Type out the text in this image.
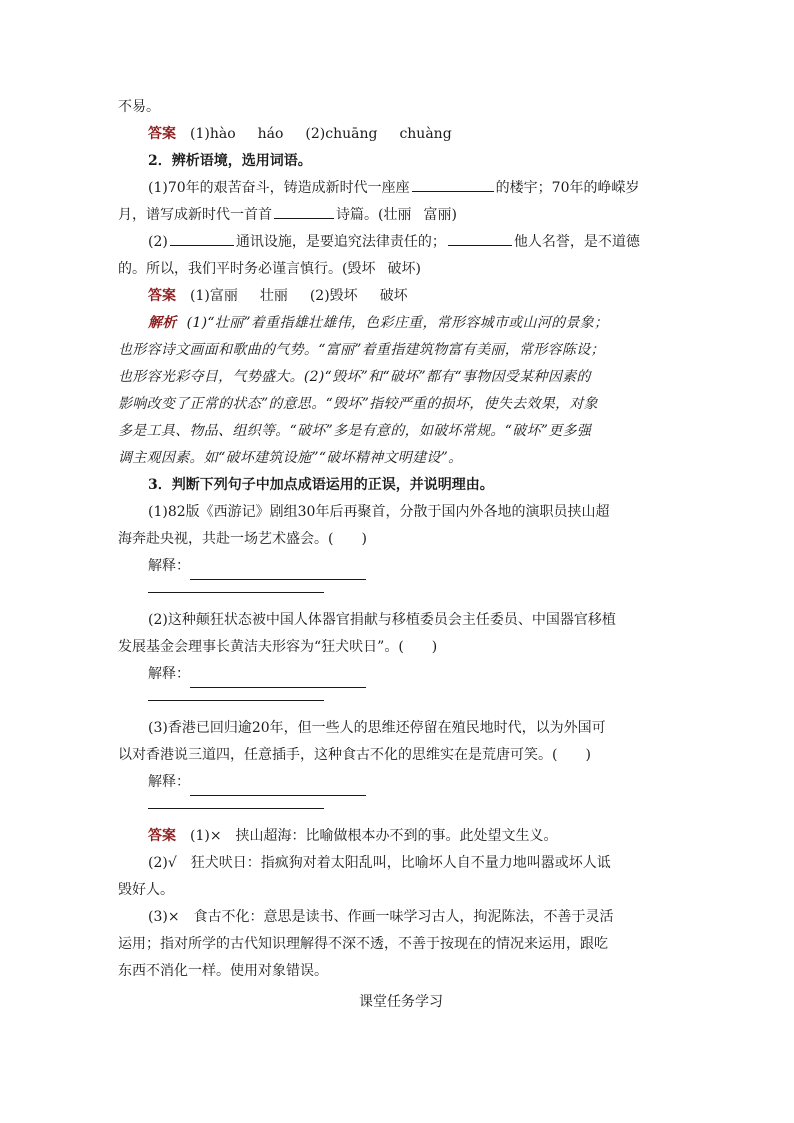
不易。
答案 (1)hào háo (2)chuāng chuàng
2．辨析语境，选用词语。
(1)70年的艰苦奋斗，铸造成新时代一座座	的楼宇；70年的峥嵘岁
月，谱写成新时代一首首	诗篇。(壮丽 富丽)
(2)	通讯设施，是要追究法律责任的；	他人名誉，是不道德
的。所以，我们平时务必谨言慎行。(毁坏 破坏)
答案 (1)富丽 壮丽 (2)毁坏 破坏
解析 (1)“壮丽”着重指雄壮雄伟，色彩庄重，常形容城市或山河的景象；
也形容诗文画面和歌曲的气势。“富丽”着重指建筑物富有美丽，常形容陈设；
也形容光彩夺目，气势盛大。(2)“毁坏”和“破坏”都有“事物因受某种因素的
影响改变了正常的状态”的意思。“毁坏”指较严重的损坏，使失去效果，对象
多是工具、物品、组织等。“破坏”多是有意的，如破坏常规。“破坏”更多强
调主观因素。如“破坏建筑设施”“破坏精神文明建设”。
3．判断下列句子中加点成语运用的正误，并说明理由。
(1)82版《西游记》剧组30年后再聚首，分散于国内外各地的演职员挟山超
海奔赴央视，共赴一场艺术盛会。(　　)
解释：
(2)这种颠狂状态被中国人体器官捐献与移植委员会主任委员、中国器官移植
发展基金会理事长黄洁夫形容为“狂犬吠日”。(　　)
解释：
(3)香港已回归逾20年，但一些人的思维还停留在殖民地时代，以为外国可
以对香港说三道四，任意插手，这种食古不化的思维实在是荒唐可笑。(　　)
解释：
答案 (1)×　挟山超海：比喻做根本办不到的事。此处望文生义。
(2)√　狂犬吠日：指疯狗对着太阳乱叫，比喻坏人自不量力地叫嚣或坏人诋
毁好人。
(3)×　食古不化：意思是读书、作画一味学习古人，拘泥陈法，不善于灵活
运用；指对所学的古代知识理解得不深不透，不善于按现在的情况来运用，跟吃
东西不消化一样。使用对象错误。
课堂任务学习
